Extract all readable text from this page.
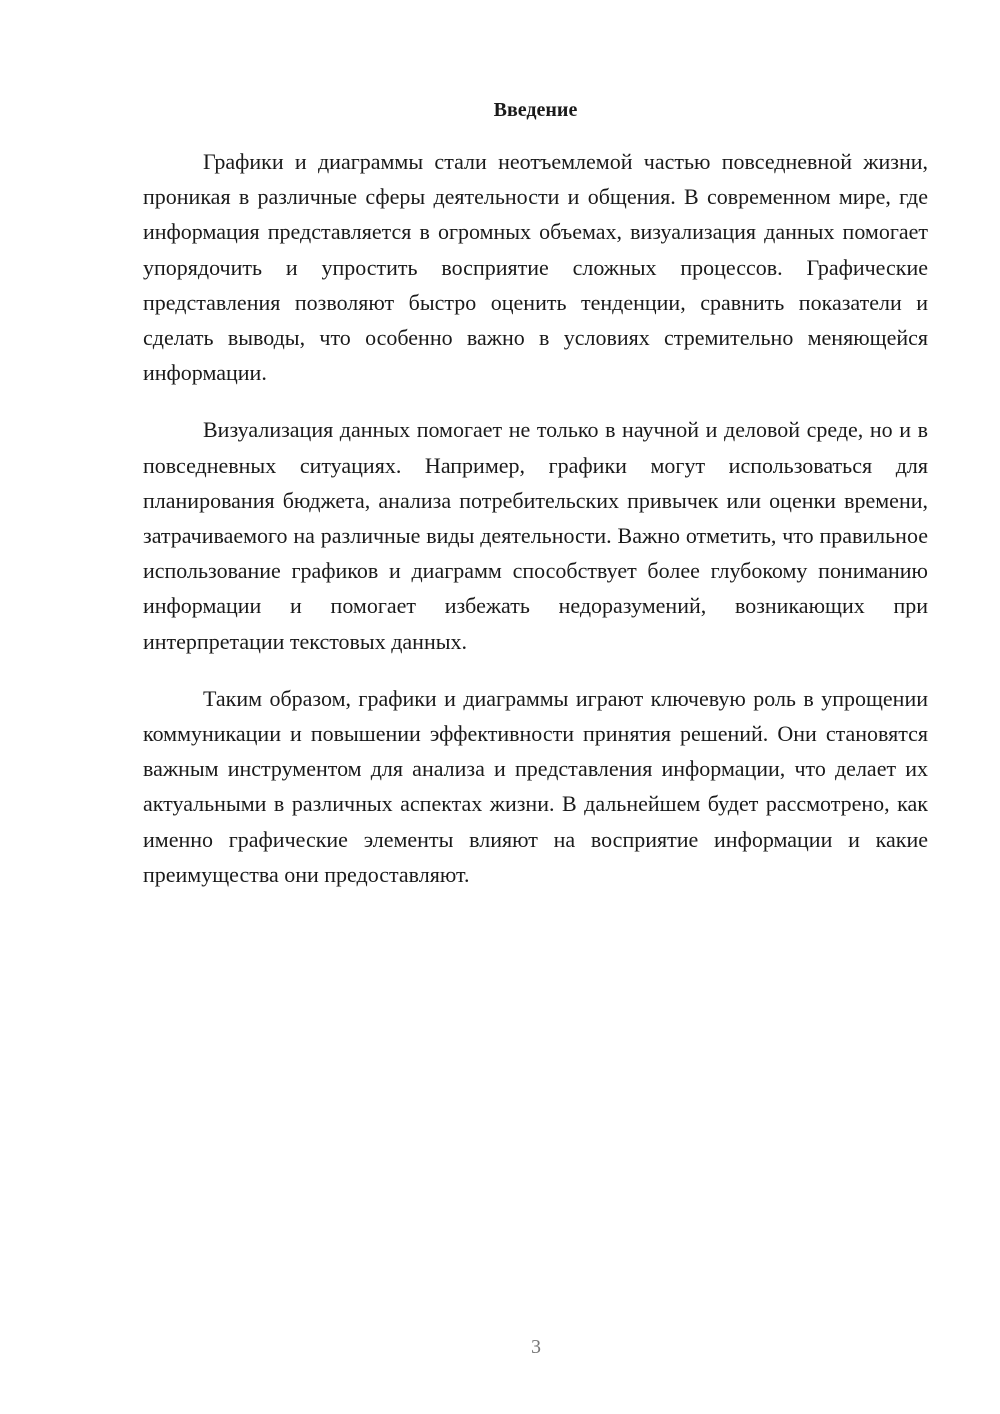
Введение

Графики и диаграммы стали неотъемлемой частью повседневной жизни, проникая в различные сферы деятельности и общения. В современном мире, где информация представляется в огромных объемах, визуализация данных помогает упорядочить и упростить восприятие сложных процессов. Графические представления позволяют быстро оценить тенденции, сравнить показатели и сделать выводы, что особенно важно в условиях стремительно меняющейся информации.

Визуализация данных помогает не только в научной и деловой среде, но и в повседневных ситуациях. Например, графики могут использоваться для планирования бюджета, анализа потребительских привычек или оценки времени, затрачиваемого на различные виды деятельности. Важно отметить, что правильное использование графиков и диаграмм способствует более глубокому пониманию информации и помогает избежать недоразумений, возникающих при интерпретации текстовых данных.

Таким образом, графики и диаграммы играют ключевую роль в упрощении коммуникации и повышении эффективности принятия решений. Они становятся важным инструментом для анализа и представления информации, что делает их актуальными в различных аспектах жизни. В дальнейшем будет рассмотрено, как именно графические элементы влияют на восприятие информации и какие преимущества они предоставляют.

3
